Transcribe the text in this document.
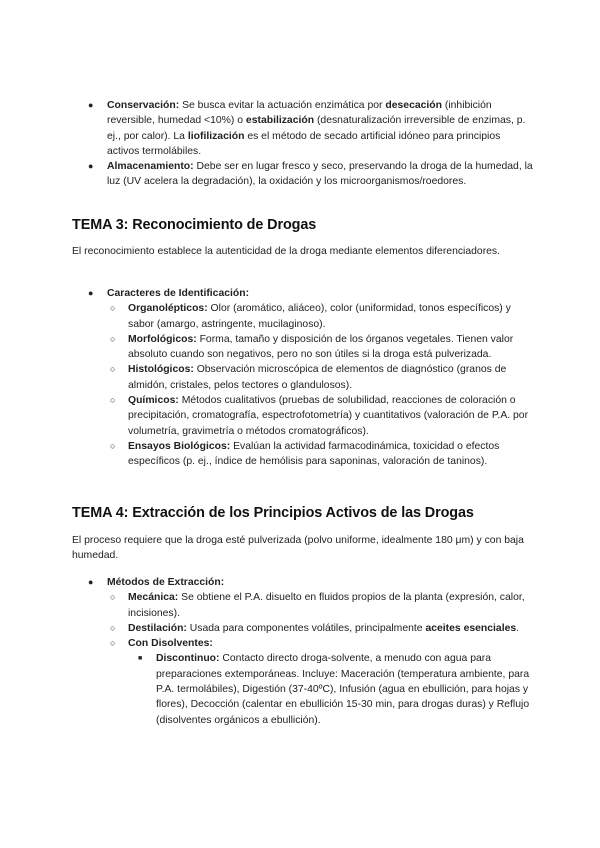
● Conservación: Se busca evitar la actuación enzimática por desecación (inhibición reversible, humedad <10%) o estabilización (desnaturalización irreversible de enzimas, p. ej., por calor). La liofilización es el método de secado artificial idóneo para principios activos termolábiles.
● Almacenamiento: Debe ser en lugar fresco y seco, preservando la droga de la humedad, la luz (UV acelera la degradación), la oxidación y los microorganismos/roedores.
TEMA 3: Reconocimiento de Drogas

El reconocimiento establece la autenticidad de la droga mediante elementos diferenciadores.

● Caracteres de Identificación:
○ Organolépticos: Olor (aromático, aliáceo), color (uniformidad, tonos específicos) y sabor (amargo, astringente, mucilaginoso).
○ Morfológicos: Forma, tamaño y disposición de los órganos vegetales. Tienen valor absoluto cuando son negativos, pero no son útiles si la droga está pulverizada.
○ Histológicos: Observación microscópica de elementos de diagnóstico (granos de almidón, cristales, pelos tectores o glandulosos).
○ Químicos: Métodos cualitativos (pruebas de solubilidad, reacciones de coloración o precipitación, cromatografía, espectrofotometría) y cuantitativos (valoración de P.A. por volumetría, gravimetría o métodos cromatográficos).
○ Ensayos Biológicos: Evalúan la actividad farmacodinámica, toxicidad o efectos específicos (p. ej., índice de hemólisis para saponinas, valoración de taninos).
TEMA 4: Extracción de los Principios Activos de las Drogas

El proceso requiere que la droga esté pulverizada (polvo uniforme, idealmente 180 μm) y con baja humedad.

● Métodos de Extracción:
○ Mecánica: Se obtiene el P.A. disuelto en fluidos propios de la planta (expresión, calor, incisiones).
○ Destilación: Usada para componentes volátiles, principalmente aceites esenciales.
○ Con Disolventes:
■ Discontinuo: Contacto directo droga-solvente, a menudo con agua para preparaciones extemporáneas. Incluye: Maceración (temperatura ambiente, para P.A. termolábiles), Digestión (37-40ºC), Infusión (agua en ebullición, para hojas y flores), Decocción (calentar en ebullición 15-30 min, para drogas duras) y Reflujo (disolventes orgánicos a ebullición).
